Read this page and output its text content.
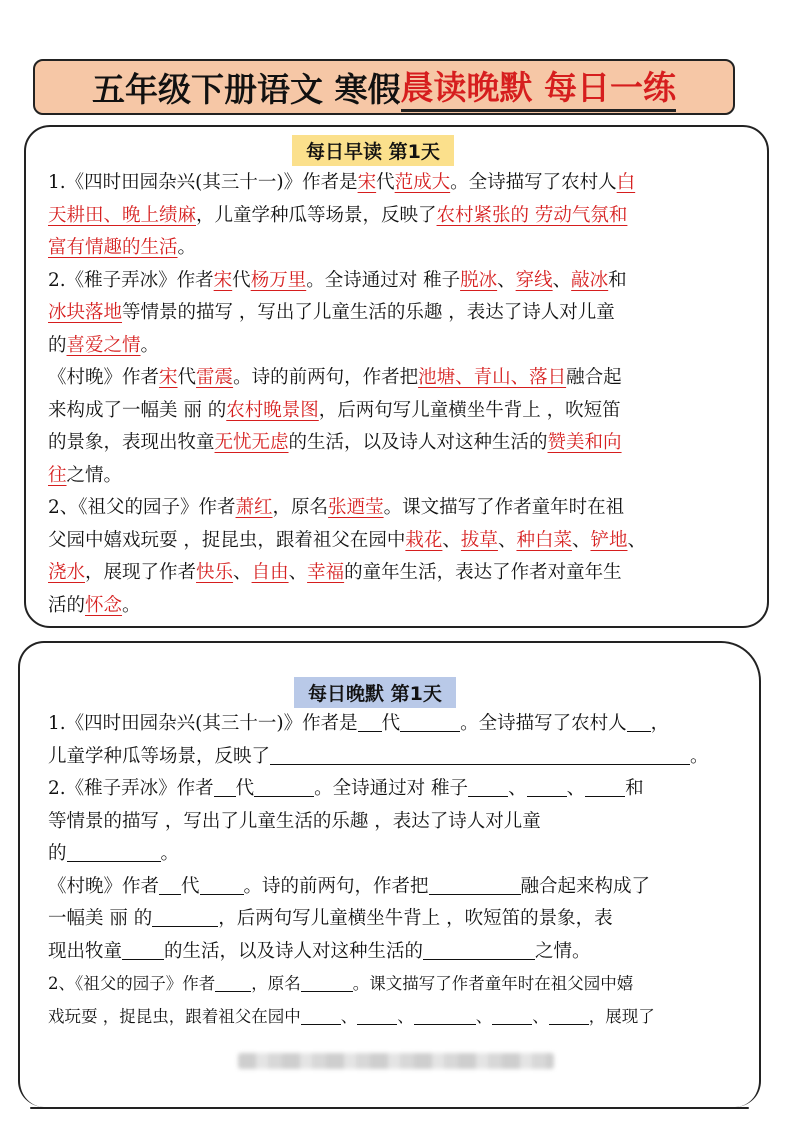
五年级下册语文 寒假 晨读晚默 每日一练
每日早读 第1天

1.《四时田园杂兴(其三十一)》作者是宋代范成大。全诗描写了农村人白

天耕田、晚上绩麻，儿童学种瓜等场景，反映了农村紧张的 劳动气氛和

富有情趣的生活。

2.《稚子弄冰》作者宋代杨万里。全诗通过对 稚子脱冰、穿线、敲冰和

冰块落地等情景的描写 ，写出了儿童生活的乐趣 ，表达了诗人对儿童

的喜爱之情。

《村晚》作者宋代雷震。诗的前两句，作者把池塘、青山、落日融合起

来构成了一幅美 丽 的农村晚景图，后两句写儿童横坐牛背上 ，吹短笛

的景象，表现出牧童无忧无虑的生活，以及诗人对这种生活的赞美和向

往之情。

2、《祖父的园子》作者萧红，原名张迺莹。课文描写了作者童年时在祖

父园中嬉戏玩耍 ，捉昆虫，跟着祖父在园中栽花、拔草、种白菜、铲地、

浇水，展现了作者快乐、自由、幸福的童年生活，表达了作者对童年生

活的怀念。

每日晚默 第1天

1.《四时田园杂兴(其三十一)》作者是 代	。全诗描写了农村人 ，

儿童学种瓜等场景，反映了	。

2.《稚子弄冰》作者 代	。全诗通过对 稚子 、 、 和

等情景的描写 ，写出了儿童生活的乐趣 ，表达了诗人对儿童

的	。

《村晚》作者 代 。诗的前两句，作者把	融合起来构成了

一幅美 丽 的	，后两句写儿童横坐牛背上 ，吹短笛的景象，表

现出牧童 的生活，以及诗人对这种生活的	之情。

2、《祖父的园子》作者 ，原名	。课文描写了作者童年时在祖父园中嬉

戏玩耍 ，捉昆虫，跟着祖父在园中 、 、	、 、 ，展现了
